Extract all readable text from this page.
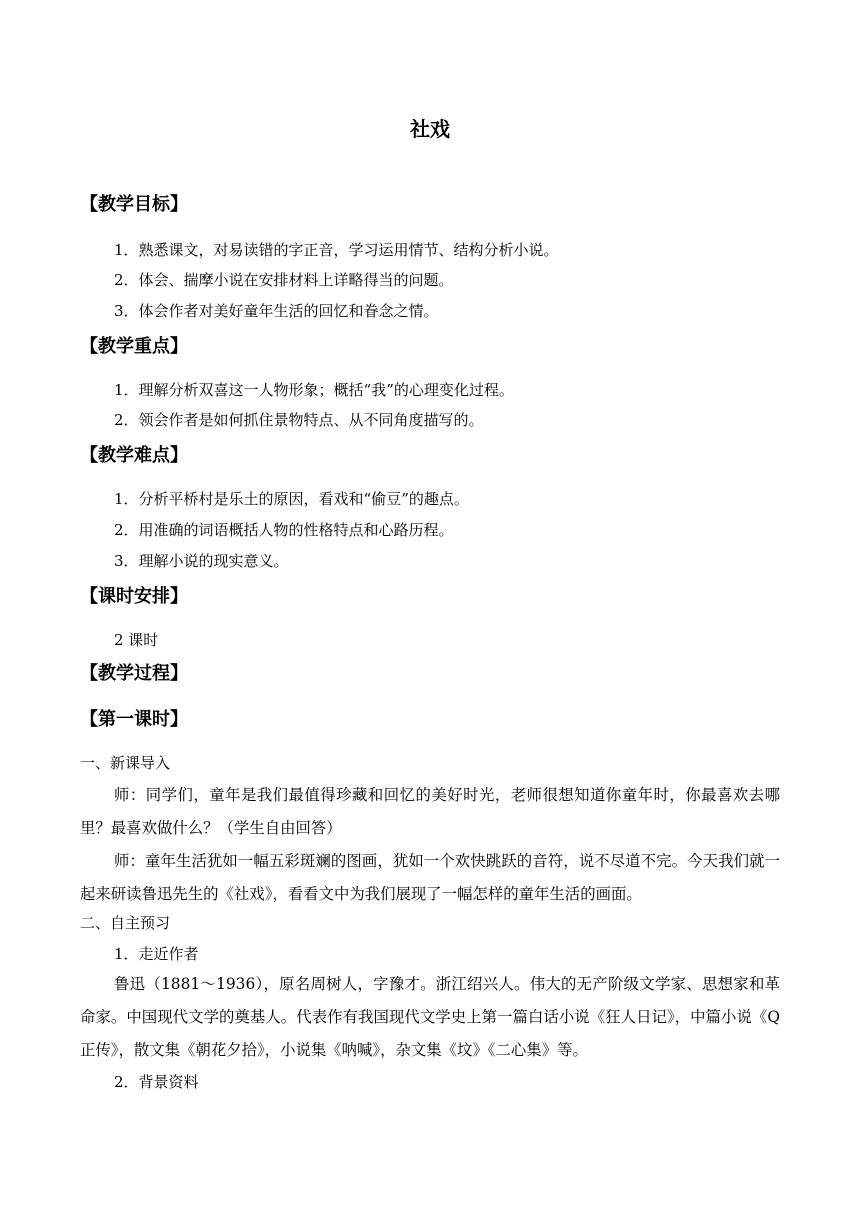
社戏
【教学目标】
1．熟悉课文，对易读错的字正音，学习运用情节、结构分析小说。
2．体会、揣摩小说在安排材料上详略得当的问题。
3．体会作者对美好童年生活的回忆和眷念之情。
【教学重点】
1．理解分析双喜这一人物形象；概括“我”的心理变化过程。
2．领会作者是如何抓住景物特点、从不同角度描写的。
【教学难点】
1．分析平桥村是乐土的原因，看戏和“偷豆”的趣点。
2．用准确的词语概括人物的性格特点和心路历程。
3．理解小说的现实意义。
【课时安排】
2 课时
【教学过程】
【第一课时】
一、新课导入
师：同学们，童年是我们最值得珍藏和回忆的美好时光，老师很想知道你童年时，你最喜欢去哪里？最喜欢做什么？（学生自由回答）
师：童年生活犹如一幅五彩斑斓的图画，犹如一个欢快跳跃的音符，说不尽道不完。今天我们就一起来研读鲁迅先生的《社戏》，看看文中为我们展现了一幅怎样的童年生活的画面。
二、自主预习
1．走近作者
鲁迅（1881～1936），原名周树人，字豫才。浙江绍兴人。伟大的无产阶级文学家、思想家和革命家。中国现代文学的奠基人。代表作有我国现代文学史上第一篇白话小说《狂人日记》，中篇小说《Q 正传》，散文集《朝花夕拾》，小说集《呐喊》，杂文集《坟》《二心集》等。
2．背景资料
